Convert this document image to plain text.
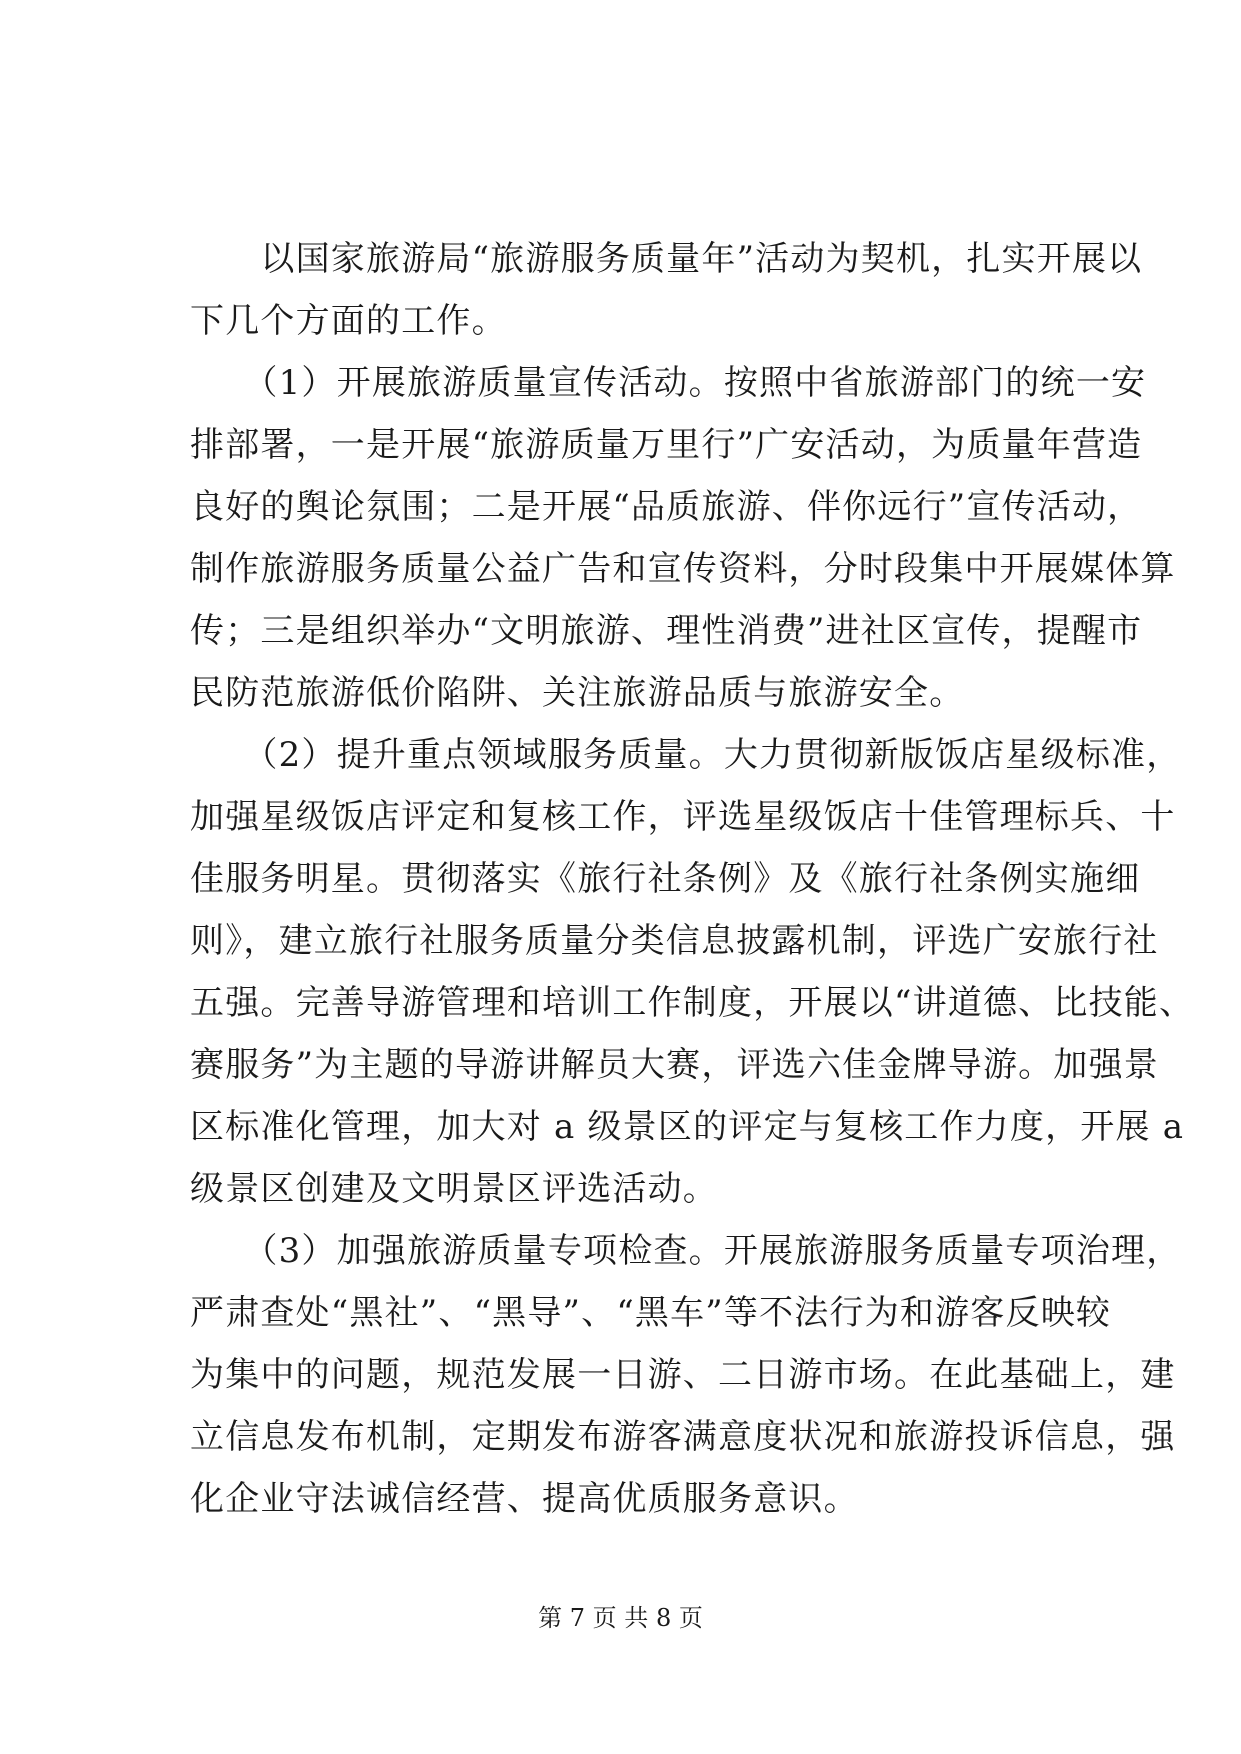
　　以国家旅游局“旅游服务质量年”活动为契机，扎实开展以
下几个方面的工作。
　　（1）开展旅游质量宣传活动。按照中省旅游部门的统一安
排部署，一是开展“旅游质量万里行”广安活动，为质量年营造
良好的舆论氛围；二是开展“品质旅游、伴你远行”宣传活动，
制作旅游服务质量公益广告和宣传资料，分时段集中开展媒体算
传；三是组织举办“文明旅游、理性消费”进社区宣传，提醒市
民防范旅游低价陷阱、关注旅游品质与旅游安全。
　　（2）提升重点领域服务质量。大力贯彻新版饭店星级标准，
加强星级饭店评定和复核工作，评选星级饭店十佳管理标兵、十
佳服务明星。贯彻落实《旅行社条例》及《旅行社条例实施细
则》，建立旅行社服务质量分类信息披露机制，评选广安旅行社
五强。完善导游管理和培训工作制度，开展以“讲道德、比技能、
赛服务”为主题的导游讲解员大赛，评选六佳金牌导游。加强景
区标准化管理，加大对 a 级景区的评定与复核工作力度，开展 a
级景区创建及文明景区评选活动。
　　（3）加强旅游质量专项检查。开展旅游服务质量专项治理，
严肃查处“黑社”、“黑导”、“黑车”等不法行为和游客反映较
为集中的问题，规范发展一日游、二日游市场。在此基础上，建
立信息发布机制，定期发布游客满意度状况和旅游投诉信息，强
化企业守法诚信经营、提高优质服务意识。
第 7 页 共 8 页
